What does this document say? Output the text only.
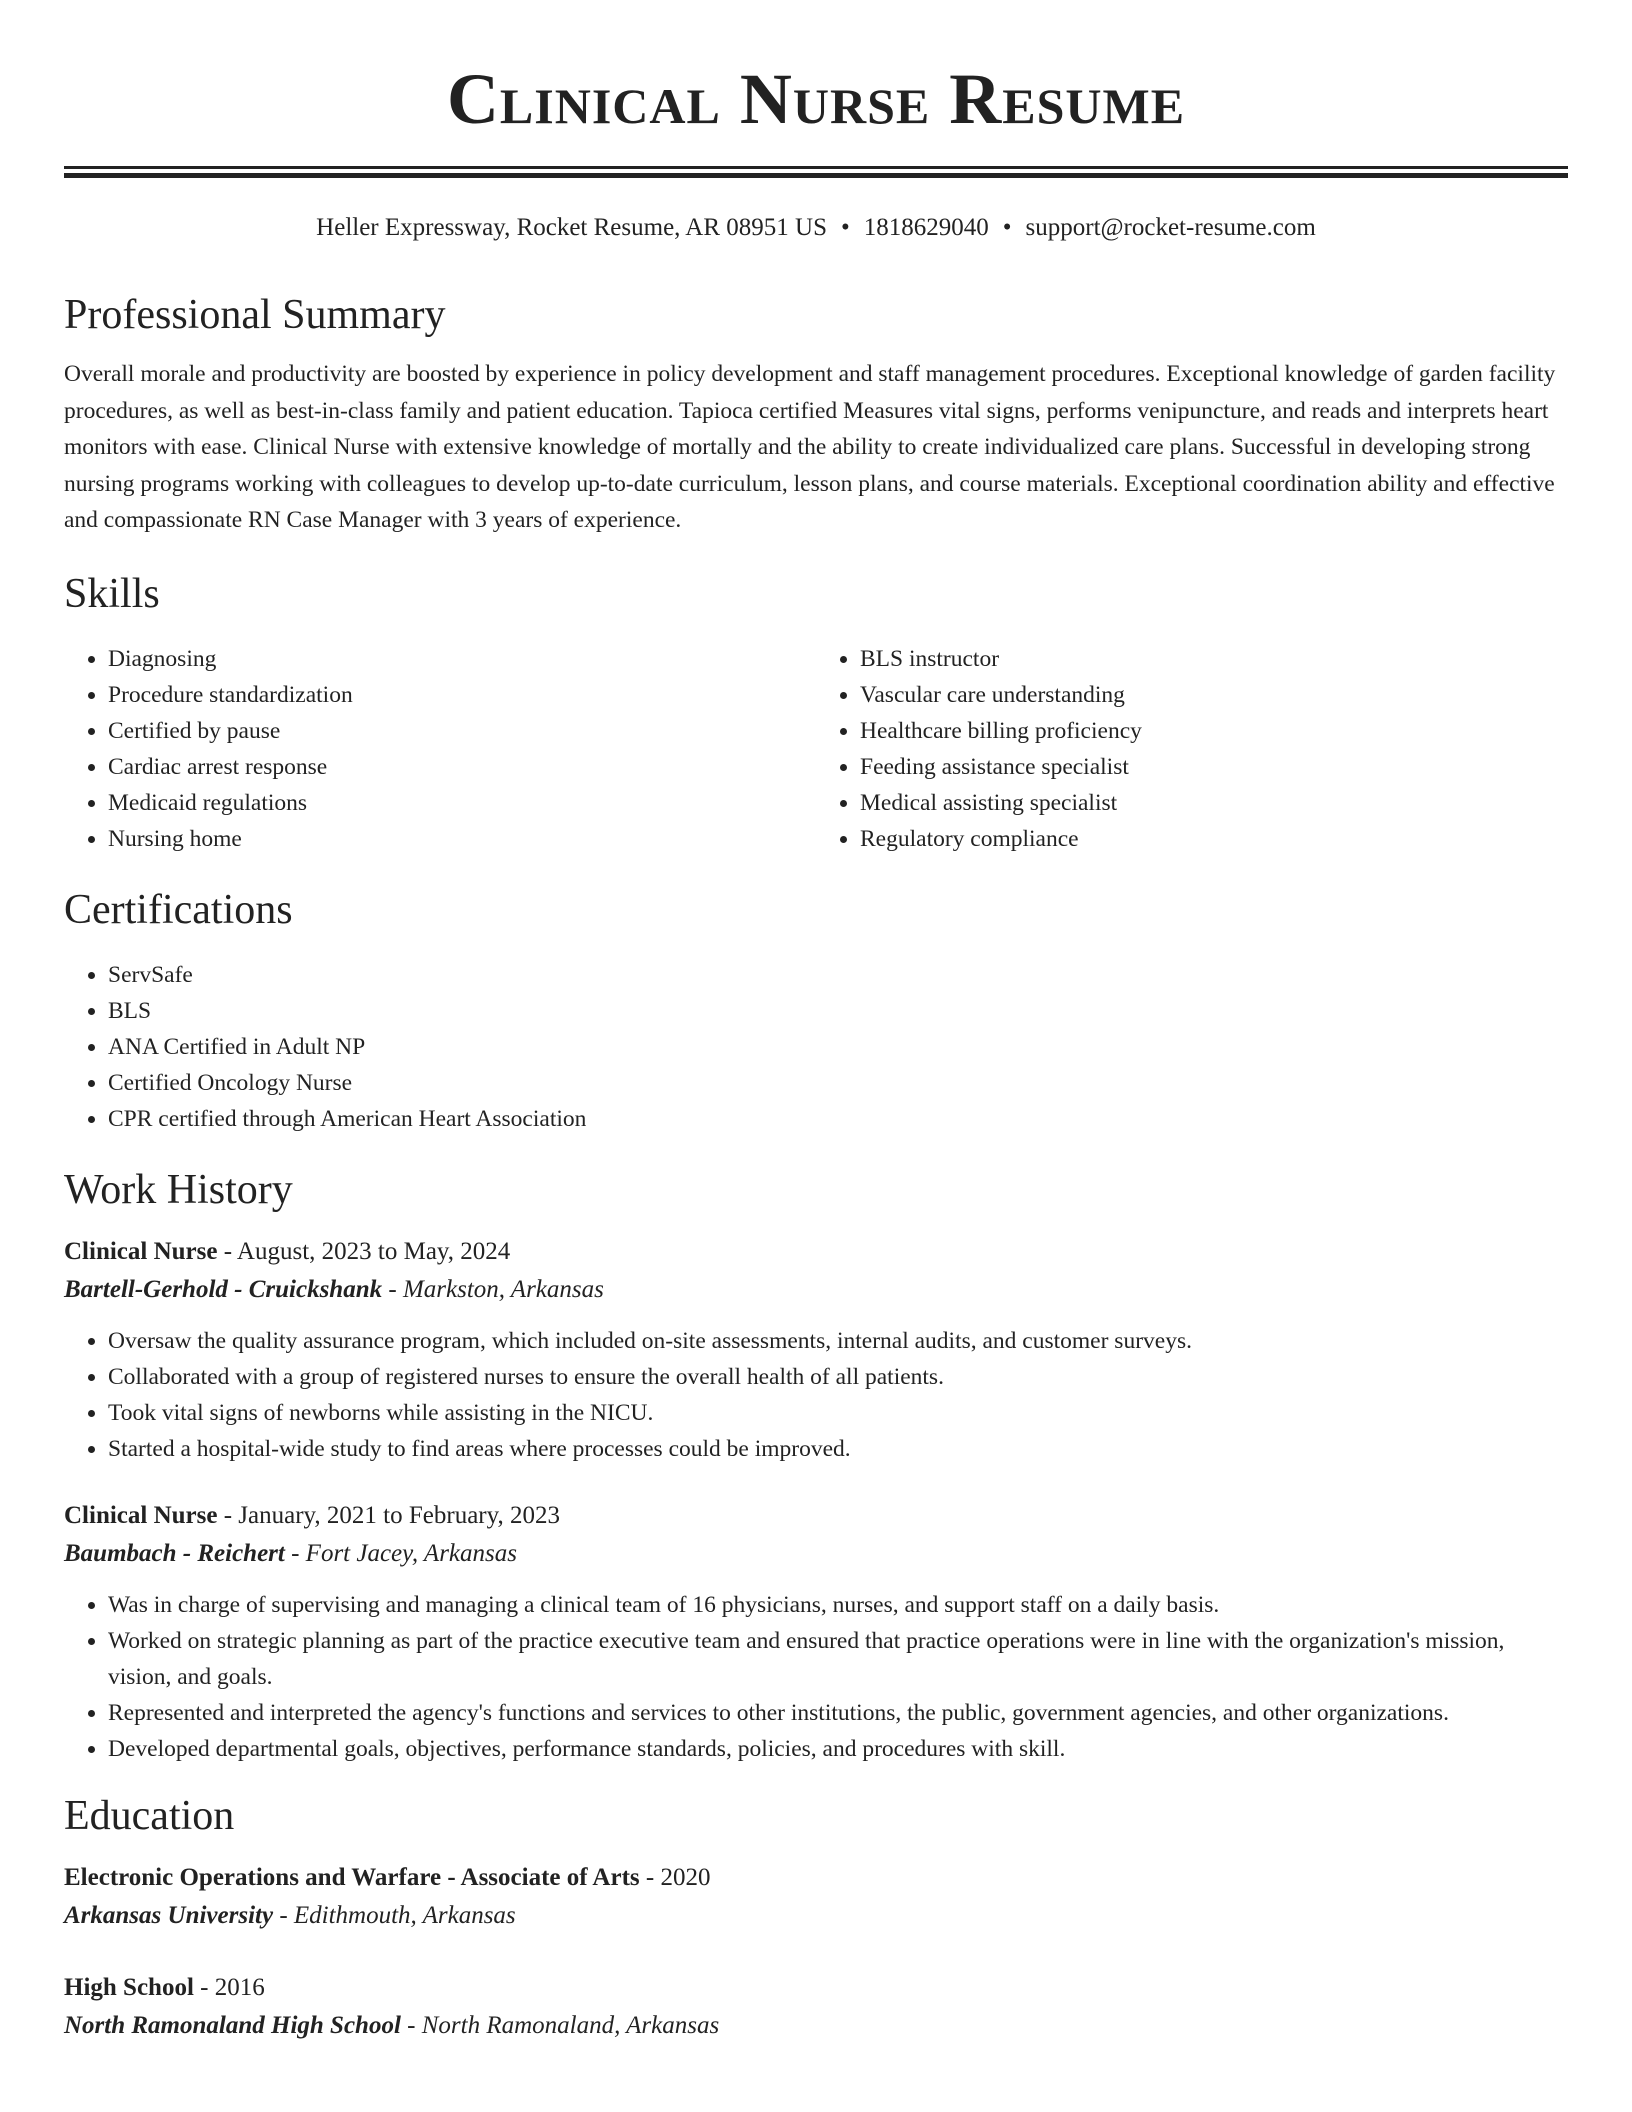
Clinical Nurse Resume
Heller Expressway, Rocket Resume, AR 08951 US • 1818629040 • support@rocket-resume.com
Professional Summary

Overall morale and productivity are boosted by experience in policy development and staff management procedures. Exceptional knowledge of garden facility procedures, as well as best-in-class family and patient education. Tapioca certified Measures vital signs, performs venipuncture, and reads and interprets heart monitors with ease. Clinical Nurse with extensive knowledge of mortally and the ability to create individualized care plans. Successful in developing strong nursing programs working with colleagues to develop up-to-date curriculum, lesson plans, and course materials. Exceptional coordination ability and effective and compassionate RN Case Manager with 3 years of experience.

Skills
• Diagnosing
• Procedure standardization
• Certified by pause
• Cardiac arrest response
• Medicaid regulations
• Nursing home
• BLS instructor
• Vascular care understanding
• Healthcare billing proficiency
• Feeding assistance specialist
• Medical assisting specialist
• Regulatory compliance
Certifications
• ServSafe
• BLS
• ANA Certified in Adult NP
• Certified Oncology Nurse
• CPR certified through American Heart Association
Work History
Clinical Nurse - August, 2023 to May, 2024
Bartell-Gerhold - Cruickshank - Markston, Arkansas
• Oversaw the quality assurance program, which included on-site assessments, internal audits, and customer surveys.
• Collaborated with a group of registered nurses to ensure the overall health of all patients.
• Took vital signs of newborns while assisting in the NICU.
• Started a hospital-wide study to find areas where processes could be improved.
Clinical Nurse - January, 2021 to February, 2023
Baumbach - Reichert - Fort Jacey, Arkansas
• Was in charge of supervising and managing a clinical team of 16 physicians, nurses, and support staff on a daily basis.
• Worked on strategic planning as part of the practice executive team and ensured that practice operations were in line with the organization's mission, vision, and goals.
• Represented and interpreted the agency's functions and services to other institutions, the public, government agencies, and other organizations.
• Developed departmental goals, objectives, performance standards, policies, and procedures with skill.
Education
Electronic Operations and Warfare - Associate of Arts - 2020
Arkansas University - Edithmouth, Arkansas
High School - 2016
North Ramonaland High School - North Ramonaland, Arkansas
